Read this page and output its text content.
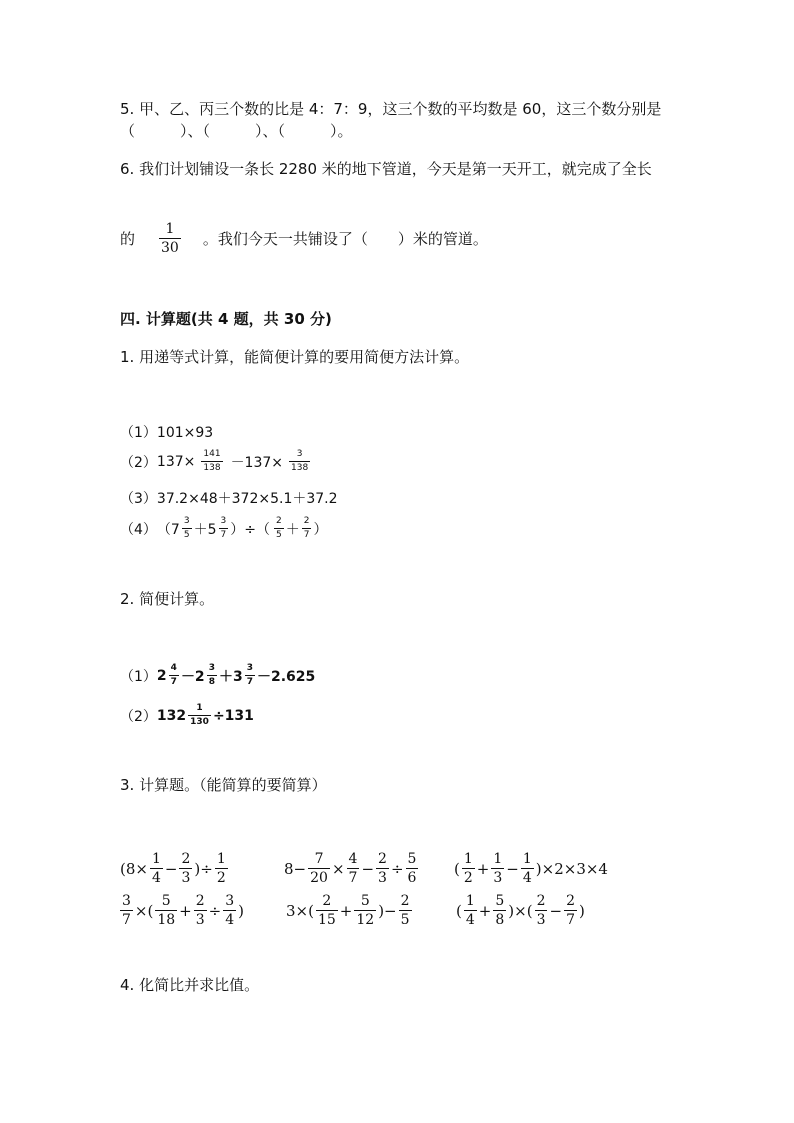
5. 甲、乙、丙三个数的比是 4：7：9，这三个数的平均数是 60，这三个数分别是
（　　　）、（　　　）、（　　　）。
6. 我们计划铺设一条长 2280 米的地下管道，今天是第一天开工，就完成了全长
的 $\frac{1}{30}$ 。我们今天一共铺设了（　　）米的管道。
四. 计算题(共 4 题，共 30 分)
1. 用递等式计算，能简便计算的要用简便方法计算。
（1）101×93
（2） $137\times \frac{141}{138} -137\times \frac{3}{138}$
（3）37.2×48＋372×5.1＋37.2
（4） （$7 \frac{3}{5} +5 \frac{3}{7}$ ）÷（ $\frac{2}{5} + \frac{2}{7}$ ）
2. 简便计算。
（1） $2 \frac{4}{7} -2 \frac{3}{8} +3 \frac{3}{7} -2.625$
（2） $132 \frac{1}{130} \div 131$
3. 计算题。（能简算的要简算）
($8\times \frac{1}{4} - \frac{2}{3}$ )÷ $\frac{1}{2}$	$8- \frac{7}{20} \times \frac{4}{7} - \frac{2}{3} \div \frac{5}{6}$ ( $\frac{1}{2} + \frac{1}{3} - \frac{1}{4} )\times 2\times 3\times 4$
$\frac{3}{7}$ ×( $\frac{5}{18} + \frac{2}{3} \div \frac{3}{4}$ )	$3\times( \frac{2}{15} + \frac{5}{12}$ )− $\frac{2}{5}$	( $\frac{1}{4} + \frac{5}{8}$ )×( $\frac{2}{3} - \frac{2}{7}$ )
4. 化简比并求比值。
